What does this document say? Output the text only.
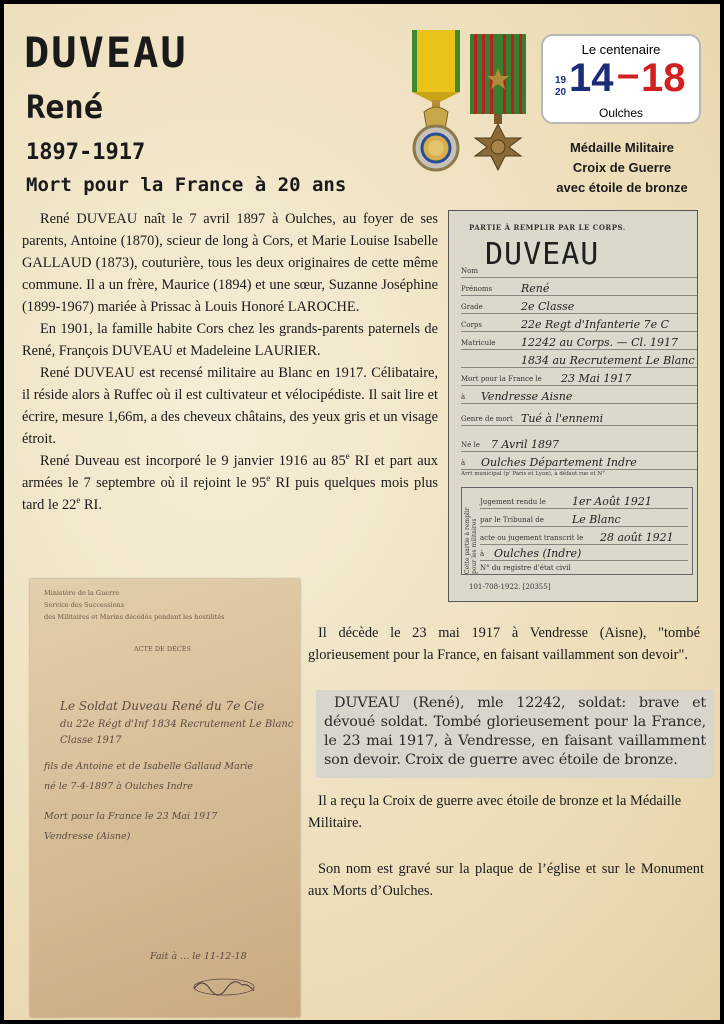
DUVEAU
René
1897-1917
Mort pour la France à 20 ans
Le centenaire
19
20 14 – 18
Oulches
Médaille Militaire
Croix de Guerre
avec étoile de bronze

René DUVEAU naît le 7 avril 1897 à Oulches, au foyer de ses parents, Antoine (1870), scieur de long à Cors, et Marie Louise Isabelle GALLAUD (1873), couturière, tous les deux originaires de cette même commune. Il a un frère, Maurice (1894) et une sœur, Suzanne Joséphine (1899-1967) mariée à Prissac à Louis Honoré LAROCHE.

En 1901, la famille habite Cors chez les grands-parents paternels de René, François DUVEAU et Madeleine LAURIER.

René DUVEAU est recensé militaire au Blanc en 1917. Célibataire, il réside alors à Ruffec où il est cultivateur et vélocipédiste. Il sait lire et écrire, mesure 1,66m, a des cheveux châtains, des yeux gris et un visage étroit.

René Duveau est incorporé le 9 janvier 1916 au 85e RI et part aux armées le 7 septembre où il rejoint le 95e RI puis quelques mois plus tard le 22e RI.

PARTIE À REMPLIR PAR LE CORPS.
DUVEAU
Nom
Prénoms	René
Grade	2e Classe
Corps	22e Regt d'Infanterie 7e C
Matricule 12242 au Corps. — Cl. 1917
1834 au Recrutement Le Blanc
Mort pour la France le 23 Mai 1917
à Vendresse Aisne
Genre de mort Tué à l'ennemi
Né le 7 Avril 1897
à Oulches Département Indre
Arrt municipal (p' Paris et Lyon), à défaut rue et N°
Cette partie à remplir pour les militaires
Jugement rendu le 1er Août 1921
par le Tribunal de	Le Blanc
acte ou jugement transcrit le 28 août 1921
à Oulches (Indre)
N° du registre d'état civil
101-708-1922. [20355]
Ministère de la Guerre
Service des Successions
des Militaires et Marins décédés pendant les hostilités
ACTE DE DÉCÈS
Le Soldat Duveau René du 7e Cie
du 22e Régt d'Inf 1834 Recrutement Le Blanc
Classe 1917
fils de Antoine et de Isabelle Gallaud Marie
né le 7-4-1897 à Oulches Indre
Mort pour la France le 23 Mai 1917
Vendresse (Aisne)
Fait à ... le 11-12-18

Il décède le 23 mai 1917 à Vendresse (Aisne), "tombé glorieusement pour la France, en faisant vaillamment son devoir".

DUVEAU (René), mle 12242, soldat: brave et dévoué soldat. Tombé glorieusement pour la France, le 23 mai 1917, à Vendresse, en faisant vaillamment son devoir. Croix de guerre avec étoile de bronze.

Il a reçu la Croix de guerre avec étoile de bronze et la Médaille Militaire.

Son nom est gravé sur la plaque de l’église et sur le Monument aux Morts d’Oulches.
